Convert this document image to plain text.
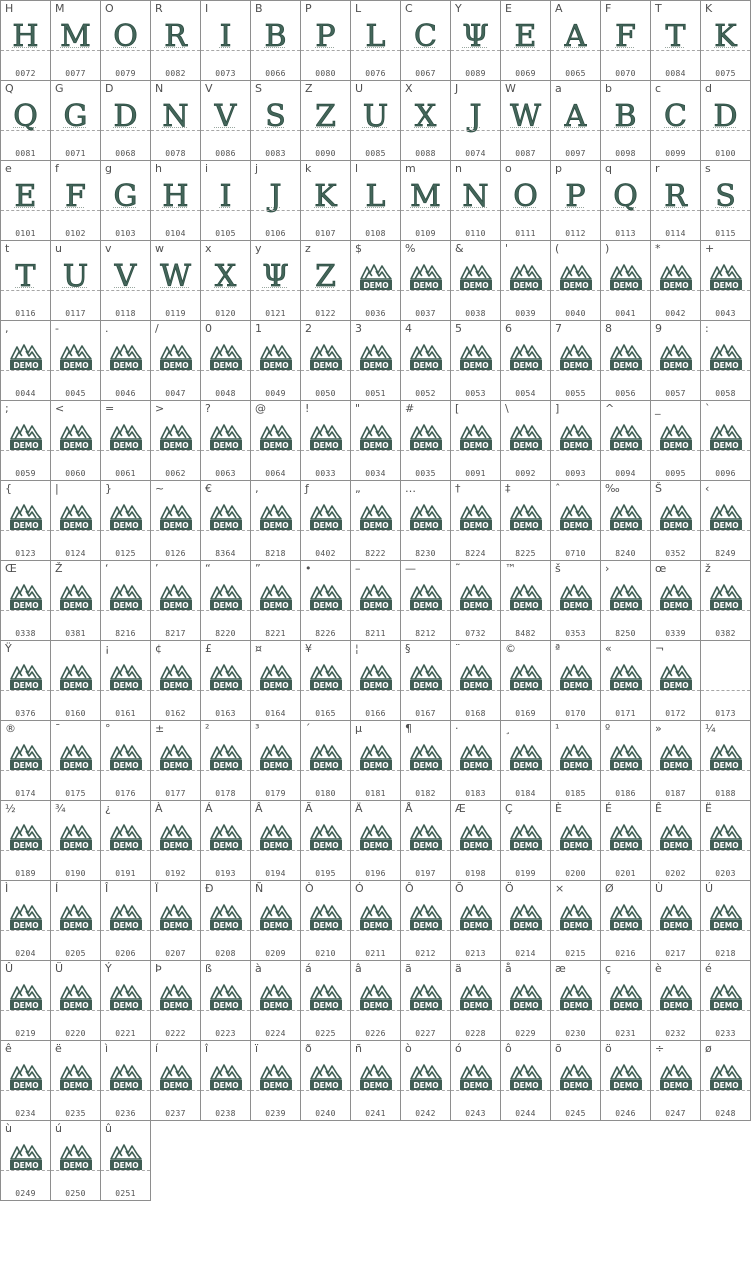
H
H
0072
M
M
0077
O
O
0079
R
R
0082
I
I
0073
B
B
0066
P
P
0080
L
L
0076
C
C
0067
Y
Ψ
0089
E
E
0069
A
A
0065
F
F
0070
T
T
0084
K
K
0075
Q
Q
0081
G
G
0071
D
D
0068
N
N
0078
V
V
0086
S
S
0083
Z
Z
0090
U
U
0085
X
X
0088
J
J
0074
W
W
0087
a
A
0097
b
B
0098
c
C
0099
d
D
0100
e
E
0101
f
F
0102
g
G
0103
h
H
0104
i
I
0105
j
J
0106
k
K
0107
l
L
0108
m
M
0109
n
N
0110
o
O
0111
p
P
0112
q
Q
0113
r
R
0114
s
S
0115
t
T
0116
u
U
0117
v
V
0118
w
W
0119
x
X
0120
y
Ψ
0121
z
Z
0122
$
DEMO
0036
%
DEMO
0037
&
DEMO
0038
'
DEMO
0039
(
DEMO
0040
)
DEMO
0041
*
DEMO
0042
+
DEMO
0043
,
DEMO
0044
-
DEMO
0045
.
DEMO
0046
/
DEMO
0047
0
DEMO
0048
1
DEMO
0049
2
DEMO
0050
3
DEMO
0051
4
DEMO
0052
5
DEMO
0053
6
DEMO
0054
7
DEMO
0055
8
DEMO
0056
9
DEMO
0057
:
DEMO
0058
;
DEMO
0059
<
DEMO
0060
=
DEMO
0061
>
DEMO
0062
?
DEMO
0063
@
DEMO
0064
!
DEMO
0033
"
DEMO
0034
#
DEMO
0035
[
DEMO
0091
\
DEMO
0092
]
DEMO
0093
^
DEMO
0094
_
DEMO
0095
`
DEMO
0096
{
DEMO
0123
|
DEMO
0124
}
DEMO
0125
~
DEMO
0126
€
DEMO
8364
‚
DEMO
8218
ƒ
DEMO
0402
„
DEMO
8222
…
DEMO
8230
†
DEMO
8224
‡
DEMO
8225
ˆ
DEMO
0710
‰
DEMO
8240
Š
DEMO
0352
‹
DEMO
8249
Œ
DEMO
0338
Ž
DEMO
0381
‘
DEMO
8216
’
DEMO
8217
“
DEMO
8220
”
DEMO
8221
•
DEMO
8226
–
DEMO
8211
—
DEMO
8212
˜
DEMO
0732
™
DEMO
8482
š
DEMO
0353
›
DEMO
8250
œ
DEMO
0339
ž
DEMO
0382
Ÿ
DEMO
0376
DEMO
0160
¡
DEMO
0161
¢
DEMO
0162
£
DEMO
0163
¤
DEMO
0164
¥
DEMO
0165
¦
DEMO
0166
§
DEMO
0167
¨
DEMO
0168
©
DEMO
0169
ª
DEMO
0170
«
DEMO
0171
¬
DEMO
0172	0173
®
DEMO
0174
¯
DEMO
0175
°
DEMO
0176
±
DEMO
0177
²
DEMO
0178
³
DEMO
0179
´
DEMO
0180
µ
DEMO
0181
¶
DEMO
0182
·
DEMO
0183
¸
DEMO
0184
¹
DEMO
0185
º
DEMO
0186
»
DEMO
0187
¼
DEMO
0188
½
DEMO
0189
¾
DEMO
0190
¿
DEMO
0191
À
DEMO
0192
Á
DEMO
0193
Â
DEMO
0194
Ã
DEMO
0195
Ä
DEMO
0196
Å
DEMO
0197
Æ
DEMO
0198
Ç
DEMO
0199
È
DEMO
0200
É
DEMO
0201
Ê
DEMO
0202
Ë
DEMO
0203
Ì
DEMO
0204
Í
DEMO
0205
Î
DEMO
0206
Ï
DEMO
0207
Ð
DEMO
0208
Ñ
DEMO
0209
Ò
DEMO
0210
Ó
DEMO
0211
Ô
DEMO
0212
Õ
DEMO
0213
Ö
DEMO
0214
×
DEMO
0215
Ø
DEMO
0216
Ù
DEMO
0217
Ú
DEMO
0218
Û
DEMO
0219
Ü
DEMO
0220
Ý
DEMO
0221
Þ
DEMO
0222
ß
DEMO
0223
à
DEMO
0224
á
DEMO
0225
â
DEMO
0226
ã
DEMO
0227
ä
DEMO
0228
å
DEMO
0229
æ
DEMO
0230
ç
DEMO
0231
è
DEMO
0232
é
DEMO
0233
ê
DEMO
0234
ë
DEMO
0235
ì
DEMO
0236
í
DEMO
0237
î
DEMO
0238
ï
DEMO
0239
ð
DEMO
0240
ñ
DEMO
0241
ò
DEMO
0242
ó
DEMO
0243
ô
DEMO
0244
õ
DEMO
0245
ö
DEMO
0246
÷
DEMO
0247
ø
DEMO
0248
ù
DEMO
0249
ú
DEMO
0250
û
DEMO
0251
